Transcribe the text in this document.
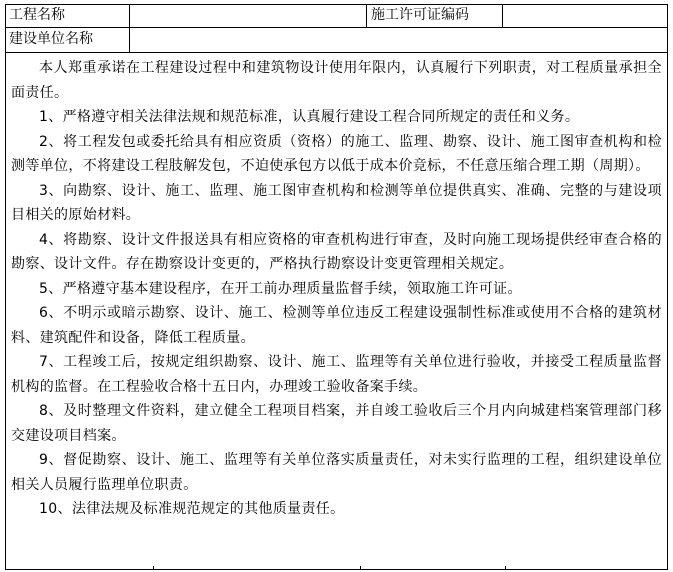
工程名称	施工许可证编码
建设单位名称

本人郑重承诺在工程建设过程中和建筑物设计使用年限内，认真履行下列职责，对工程质量承担全面责任。

1、严格遵守相关法律法规和规范标准，认真履行建设工程合同所规定的责任和义务。

2、将工程发包或委托给具有相应资质（资格）的施工、监理、勘察、设计、施工图审查机构和检测等单位，不将建设工程肢解发包，不迫使承包方以低于成本价竞标，不任意压缩合理工期（周期）。

3、向勘察、设计、施工、监理、施工图审查机构和检测等单位提供真实、准确、完整的与建设项目相关的原始材料。

4、将勘察、设计文件报送具有相应资格的审查机构进行审查，及时向施工现场提供经审查合格的勘察、设计文件。存在勘察设计变更的，严格执行勘察设计变更管理相关规定。

5、严格遵守基本建设程序，在开工前办理质量监督手续，领取施工许可证。

6、不明示或暗示勘察、设计、施工、检测等单位违反工程建设强制性标准或使用不合格的建筑材料、建筑配件和设备，降低工程质量。

7、工程竣工后，按规定组织勘察、设计、施工、监理等有关单位进行验收，并接受工程质量监督机构的监督。在工程验收合格十五日内，办理竣工验收备案手续。

8、及时整理文件资料，建立健全工程项目档案，并自竣工验收后三个月内向城建档案管理部门移交建设项目档案。

9、督促勘察、设计、施工、监理等有关单位落实质量责任，对未实行监理的工程，组织建设单位相关人员履行监理单位职责。

10、法律法规及标准规范规定的其他质量责任。
